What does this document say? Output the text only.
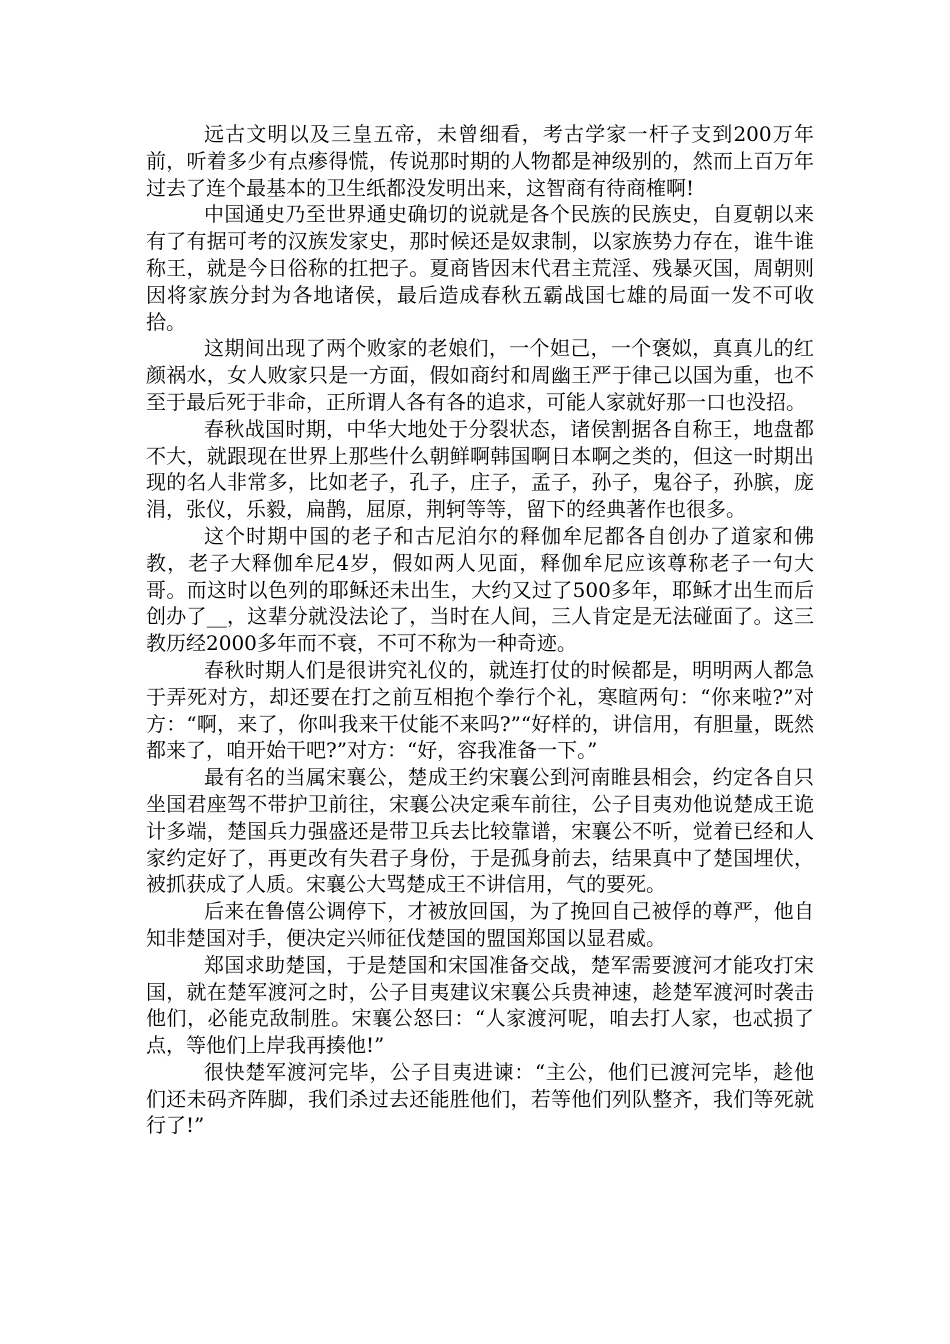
远古文明以及三皇五帝，未曾细看，考古学家一杆子支到200万年前，听着多少有点瘆得慌，传说那时期的人物都是神级别的，然而上百万年过去了连个最基本的卫生纸都没发明出来，这智商有待商榷啊!

中国通史乃至世界通史确切的说就是各个民族的民族史，自夏朝以来有了有据可考的汉族发家史，那时候还是奴隶制，以家族势力存在，谁牛谁称王，就是今日俗称的扛把子。夏商皆因末代君主荒淫、残暴灭国，周朝则因将家族分封为各地诸侯，最后造成春秋五霸战国七雄的局面一发不可收拾。

这期间出现了两个败家的老娘们，一个妲己，一个褒姒，真真儿的红颜祸水，女人败家只是一方面，假如商纣和周幽王严于律己以国为重，也不至于最后死于非命，正所谓人各有各的追求，可能人家就好那一口也没招。

春秋战国时期，中华大地处于分裂状态，诸侯割据各自称王，地盘都不大，就跟现在世界上那些什么朝鲜啊韩国啊日本啊之类的，但这一时期出现的名人非常多，比如老子，孔子，庄子，孟子，孙子，鬼谷子，孙膑，庞涓，张仪，乐毅，扁鹊，屈原，荆轲等等，留下的经典著作也很多。

这个时期中国的老子和古尼泊尔的释伽牟尼都各自创办了道家和佛教，老子大释伽牟尼4岁，假如两人见面，释伽牟尼应该尊称老子一句大哥。而这时以色列的耶稣还未出生，大约又过了500多年，耶稣才出生而后创办了__，这辈分就没法论了，当时在人间，三人肯定是无法碰面了。这三教历经2000多年而不衰，不可不称为一种奇迹。

春秋时期人们是很讲究礼仪的，就连打仗的时候都是，明明两人都急于弄死对方，却还要在打之前互相抱个拳行个礼，寒暄两句：“你来啦?”对方：“啊，来了，你叫我来干仗能不来吗?”“好样的，讲信用，有胆量，既然都来了，咱开始干吧?”对方：“好，容我准备一下。”

最有名的当属宋襄公，楚成王约宋襄公到河南睢县相会，约定各自只坐国君座驾不带护卫前往，宋襄公决定乘车前往，公子目夷劝他说楚成王诡计多端，楚国兵力强盛还是带卫兵去比较靠谱，宋襄公不听，觉着已经和人家约定好了，再更改有失君子身份，于是孤身前去，结果真中了楚国埋伏，被抓获成了人质。宋襄公大骂楚成王不讲信用，气的要死。

后来在鲁僖公调停下，才被放回国，为了挽回自己被俘的尊严，他自知非楚国对手，便决定兴师征伐楚国的盟国郑国以显君威。

郑国求助楚国，于是楚国和宋国准备交战，楚军需要渡河才能攻打宋国，就在楚军渡河之时，公子目夷建议宋襄公兵贵神速，趁楚军渡河时袭击他们，必能克敌制胜。宋襄公怒曰：“人家渡河呢，咱去打人家，也忒损了点，等他们上岸我再揍他!”

很快楚军渡河完毕，公子目夷进谏：“主公，他们已渡河完毕，趁他们还未码齐阵脚，我们杀过去还能胜他们，若等他们列队整齐，我们等死就行了!”
